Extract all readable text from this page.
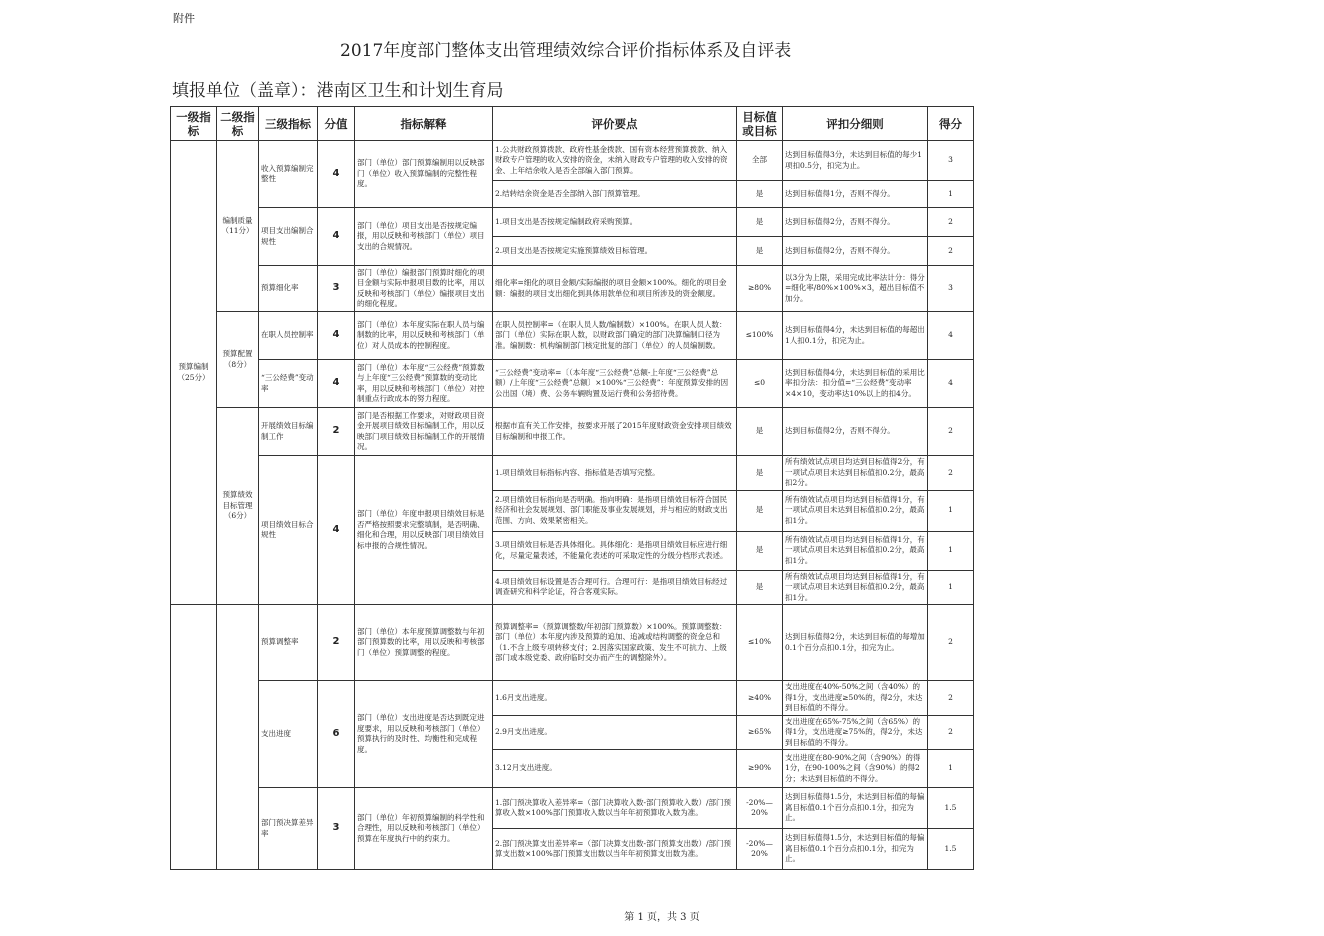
附件
2017年度部门整体支出管理绩效综合评价指标体系及自评表
填报单位（盖章）：港南区卫生和计划生育局
一级指标	二级指标	三级指标	分值	指标解释	评价要点	目标值或目标	评扣分细则	得分
预算编制（25分）	编制质量（11分）	收入预算编制完整性	4	部门（单位）部门预算编制用以反映部门（单位）收入预算编制的完整性程度。	1.公共财政预算拨款、政府性基金拨款、国有资本经营预算拨款、纳入财政专户管理的收入安排的资金，未纳入财政专户管理的收入安排的资金、上年结余收入是否全部编入部门预算。	全部	达到目标值得3分，未达到目标值的每少1项扣0.5分，扣完为止。	3
					2.结转结余资金是否全部纳入部门预算管理。	是	达到目标值得1分，否则不得分。	1
		项目支出编制合规性	4	部门（单位）项目支出是否按规定编报，用以反映和考核部门（单位）项目支出的合规情况。	1.项目支出是否按规定编制政府采购预算。	是	达到目标值得2分，否则不得分。	2
					2.项目支出是否按规定实施预算绩效目标管理。	是	达到目标值得2分，否则不得分。	2
		预算细化率	3	部门（单位）编报部门预算时细化的项目金额与实际申报项目数的比率，用以反映和考核部门（单位）编报项目支出的细化程度。	细化率=细化的项目金额/实际编报的项目金额×100%。细化的项目金额：编报的项目支出细化到具体用款单位和项目所涉及的资金额度。	≥80%	以3分为上限，采用完成比率法计分：得分=细化率/80%×100%×3，超出目标值不加分。	3
	预算配置（8分）	在职人员控制率	4	部门（单位）本年度实际在职人员与编制数的比率，用以反映和考核部门（单位）对人员成本的控制程度。	在职人员控制率=（在职人员人数/编制数）×100%。在职人员人数：部门（单位）实际在职人数，以财政部门确定的部门决算编制口径为准。编制数：机构编制部门核定批复的部门（单位）的人员编制数。	≤100%	达到目标值得4分，未达到目标值的每超出1人扣0.1分，扣完为止。	4
		“三公经费”变动率	4	部门（单位）本年度“三公经费”预算数与上年度“三公经费”预算数的变动比率，用以反映和考核部门（单位）对控制重点行政成本的努力程度。	“三公经费”变动率=〔（本年度“三公经费”总额-上年度“三公经费”总额）/上年度“三公经费”总额〕×100%“三公经费”：年度预算安排的因公出国（境）费、公务车辆购置及运行费和公务招待费。	≤0	达到目标值得4分，未达到目标值的采用比率扣分法：扣分值=“三公经费”变动率×4×10，变动率达10%以上的扣4分。	4
	预算绩效目标管理（6分）	开展绩效目标编制工作	2	部门是否根据工作要求，对财政项目资金开展项目绩效目标编制工作，用以反映部门项目绩效目标编制工作的开展情况。	根据市直有关工作安排，按要求开展了2015年度财政资金安排项目绩效目标编制和申报工作。	是	达到目标值得2分，否则不得分。	2
		项目绩效目标合规性	4	部门（单位）年度申报项目绩效目标是否严格按照要求完整填制，是否明确、细化和合理，用以反映部门项目绩效目标申报的合规性情况。	1.项目绩效目标指标内容、指标值是否填写完整。	是	所有绩效试点项目均达到目标值得2分，有一项试点项目未达到目标值扣0.2分，最高扣2分。	2
					2.项目绩效目标指向是否明确。指向明确：是指项目绩效目标符合国民经济和社会发展规划、部门职能及事业发展规划，并与相应的财政支出范围、方向、效果紧密相关。	是	所有绩效试点项目均达到目标值得1分，有一项试点项目未达到目标值扣0.2分，最高扣1分。	1
					3.项目绩效目标是否具体细化。具体细化：是指项目绩效目标应进行细化，尽量定量表述，不能量化表述的可采取定性的分级分档形式表述。	是	所有绩效试点项目均达到目标值得1分，有一项试点项目未达到目标值扣0.2分，最高扣1分。	1
					4.项目绩效目标设置是否合理可行。合理可行：是指项目绩效目标经过调查研究和科学论证，符合客观实际。	是	所有绩效试点项目均达到目标值得1分，有一项试点项目未达到目标值扣0.2分，最高扣1分。	1
		预算调整率	2	部门（单位）本年度预算调整数与年初部门预算数的比率，用以反映和考核部门（单位）预算调整的程度。	预算调整率=（预算调整数/年初部门预算数）×100%。预算调整数：部门（单位）本年度内涉及预算的追加、追减或结构调整的资金总和（1.不含上级专项转移支付；2.因落实国家政策、发生不可抗力、上级部门或本级党委、政府临时交办而产生的调整除外）。	≤10%	达到目标值得2分，未达到目标值的每增加0.1个百分点扣0.1分，扣完为止。	2
		支出进度	6	部门（单位）支出进度是否达到既定进度要求，用以反映和考核部门（单位）预算执行的及时性、均衡性和完成程度。	1.6月支出进度。	≥40%	支出进度在40%-50%之间（含40%）的得1分，支出进度≥50%的，得2分，未达到目标值的不得分。	2
					2.9月支出进度。	≥65%	支出进度在65%-75%之间（含65%）的得1分，支出进度≥75%的，得2分，未达到目标值的不得分。	2
					3.12月支出进度。	≥90%	支出进度在80-90%之间（含90%）的得1分，在90-100%之间（含90%）的得2分；未达到目标值的不得分。	1
		部门预决算差异率	3	部门（单位）年初预算编制的科学性和合理性，用以反映和考核部门（单位）预算在年度执行中的约束力。	1.部门预决算收入差异率=（部门决算收入数-部门预算收入数）/部门预算收入数×100%部门预算收入数以当年年初预算收入数为准。	-20%—20%	达到目标值得1.5分，未达到目标值的每偏离目标值0.1个百分点扣0.1分，扣完为止。	1.5
					2.部门预决算支出差异率=（部门决算支出数-部门预算支出数）/部门预算支出数×100%部门预算支出数以当年年初预算支出数为准。	-20%—20%	达到目标值得1.5分，未达到目标值的每偏离目标值0.1个百分点扣0.1分，扣完为止。	1.5
第 1 页，共 3 页
